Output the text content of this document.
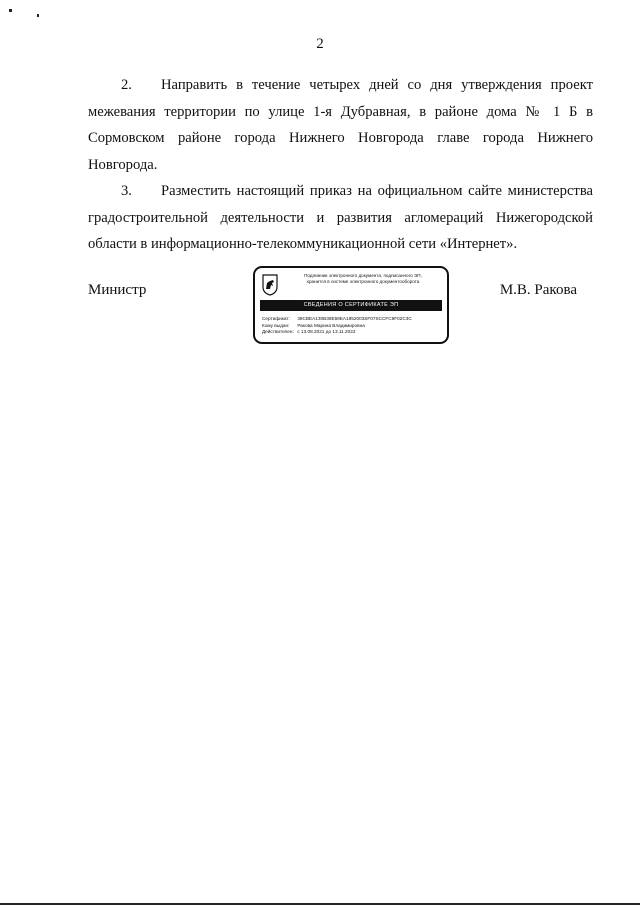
2

2. Направить в течение четырех дней со дня утверждения проект межевания территории по улице 1-я Дубравная, в районе дома № 1 Б в Сормовском районе города Нижнего Новгорода главе города Нижнего Новгорода.

3. Разместить настоящий приказ на официальном сайте министерства градостроительной деятельности и развития агломераций Нижегородской области в информационно-телекоммуникационной сети «Интернет».

Министр
Подлинник электронного документа, подписанного ЭП,
хранится в системе электронного документооборота
СВЕДЕНИЯ О СЕРТИФИКАТЕ ЭП
Сертификат: 39CBEA130B38E59EA1852003SF07SCCFC9F02C3C
Кому выдан: Ракова Марина Владимировна
Действителен: с 13.08.2021 до 13.11.2022
М.В. Ракова
